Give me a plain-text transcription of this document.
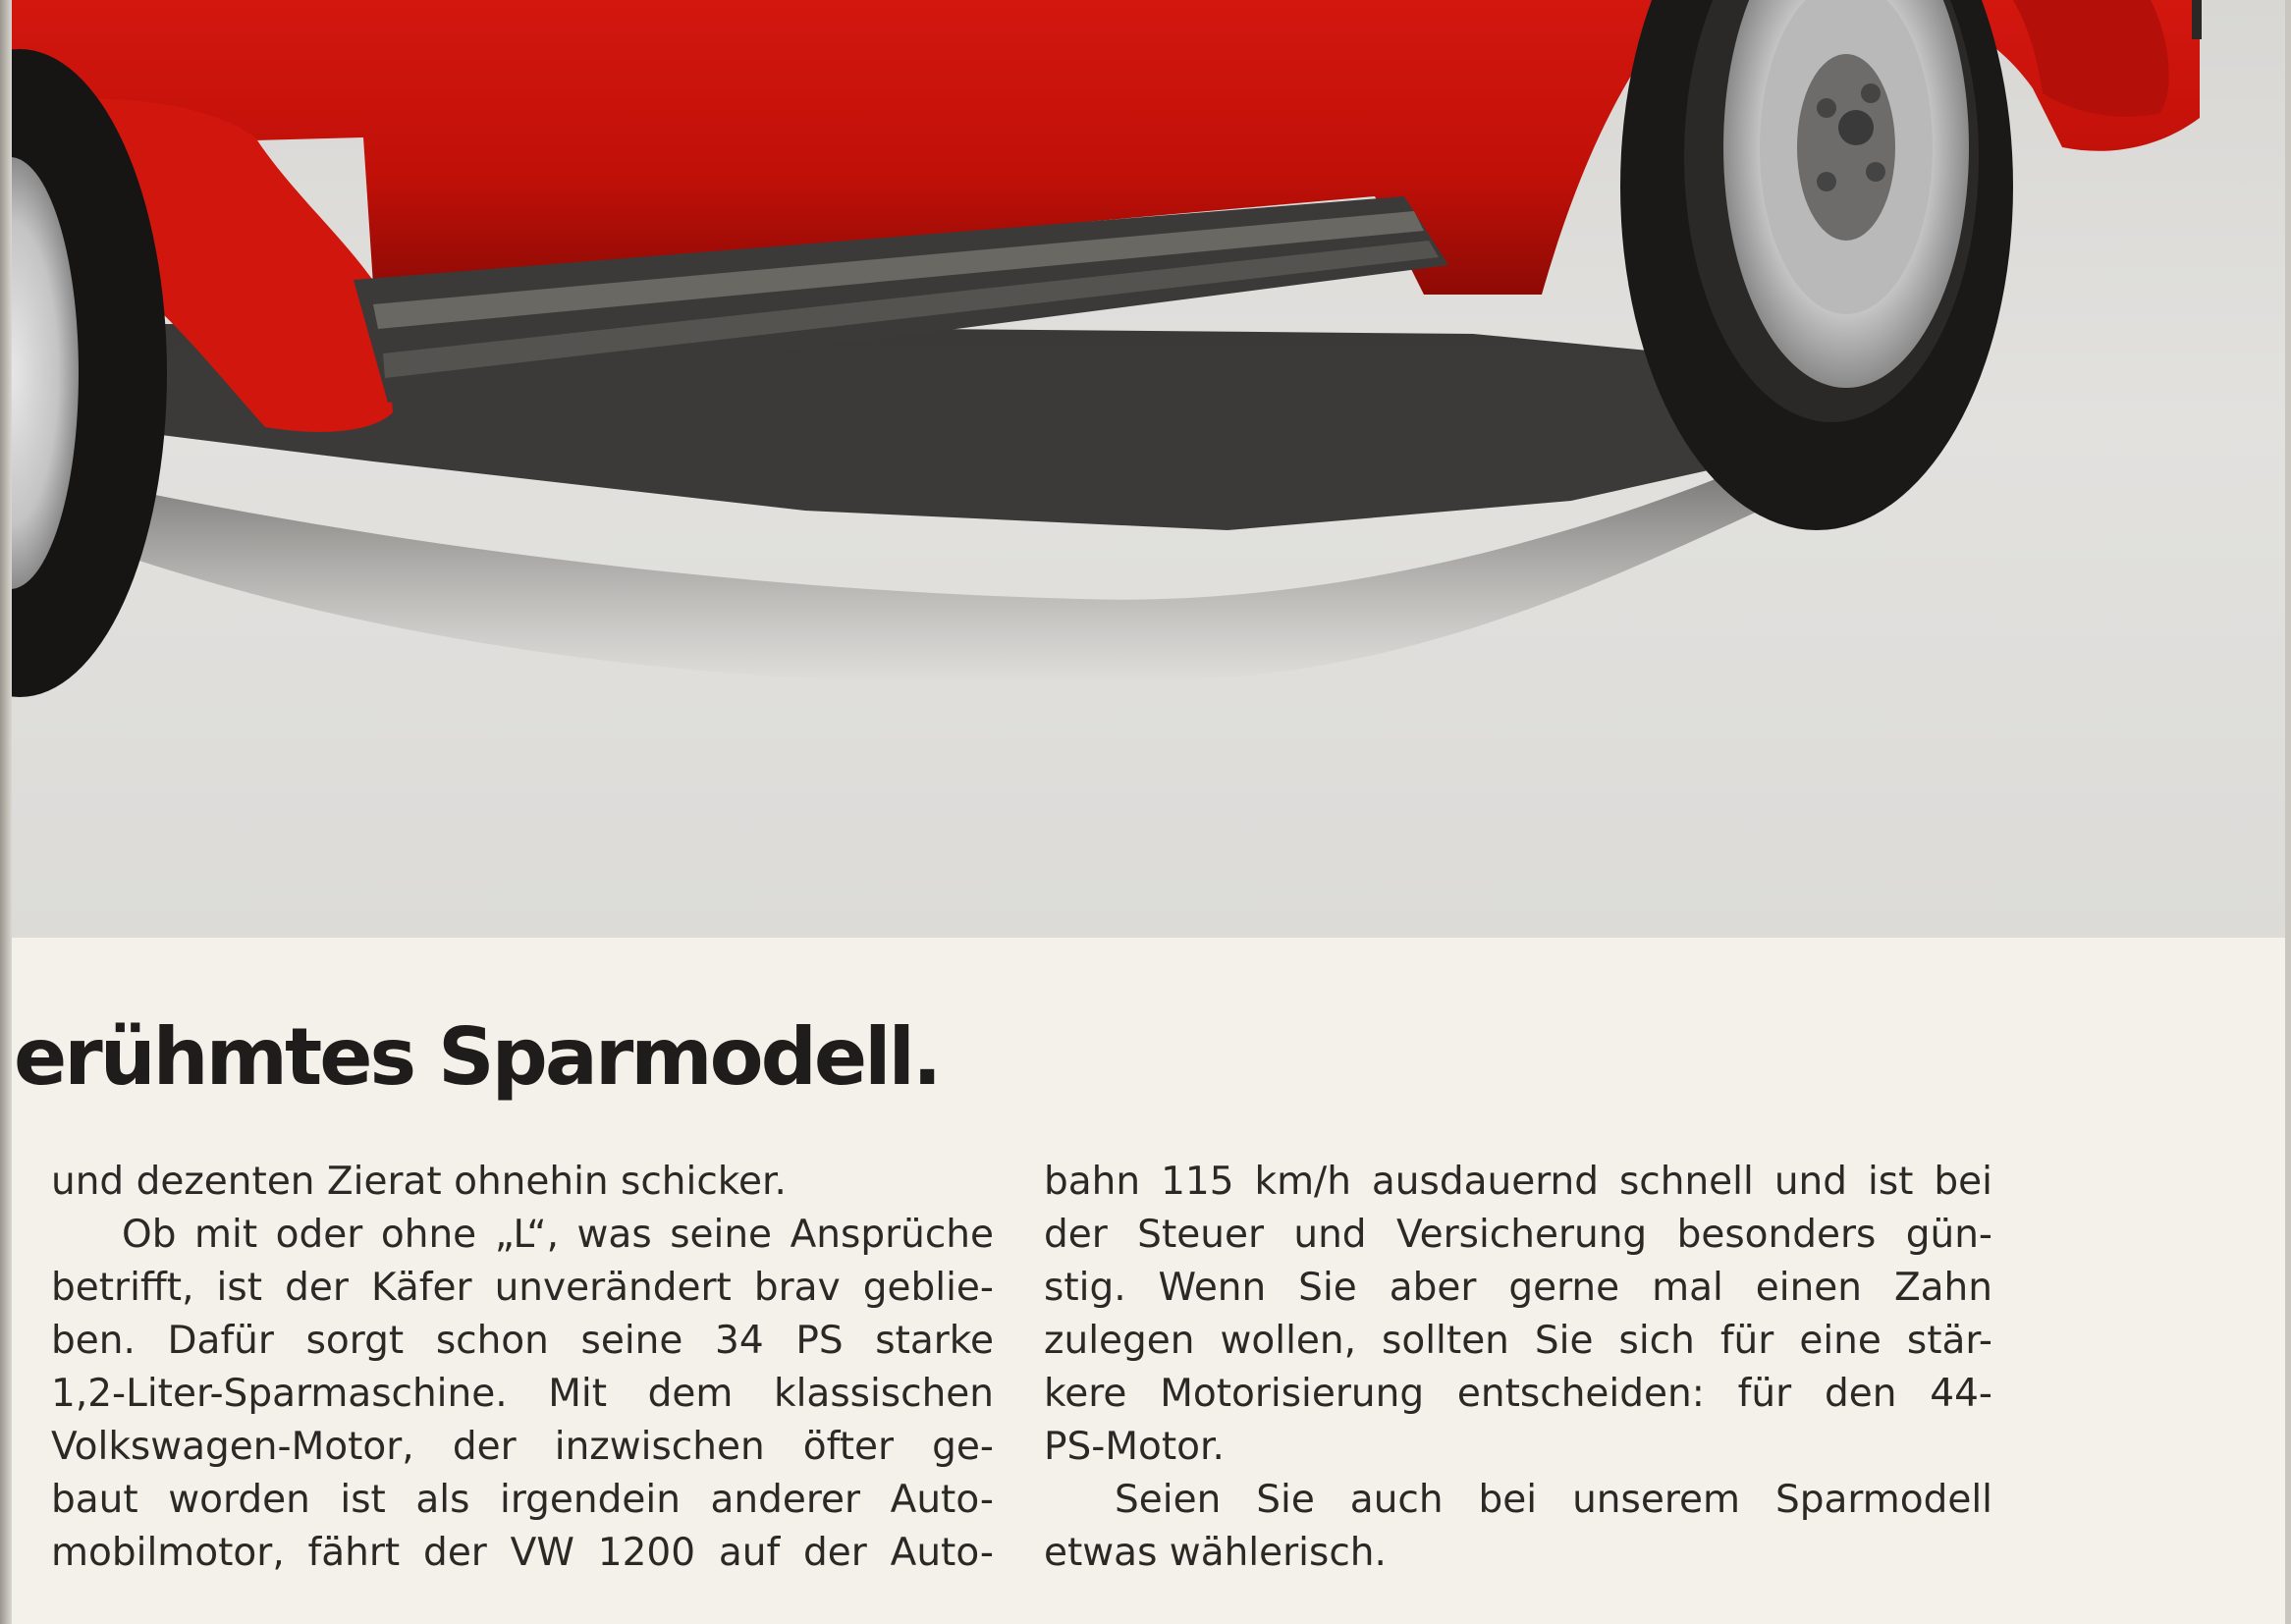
erühmtes Sparmodell.
und dezenten Zierat ohnehin schicker.
Ob mit oder ohne „L“, was seine Ansprüche
betrifft, ist der Käfer unverändert brav geblie-
ben. Dafür sorgt schon seine 34 PS starke
1,2-Liter-Sparmaschine. Mit dem klassischen
Volkswagen-Motor, der inzwischen öfter ge-
baut worden ist als irgendein anderer Auto-
mobilmotor, fährt der VW 1200 auf der Auto-
bahn 115 km/h ausdauernd schnell und ist bei
der Steuer und Versicherung besonders gün-
stig. Wenn Sie aber gerne mal einen Zahn
zulegen wollen, sollten Sie sich für eine stär-
kere Motorisierung entscheiden: für den 44-
PS-Motor.
Seien Sie auch bei unserem Sparmodell
etwas wählerisch.
